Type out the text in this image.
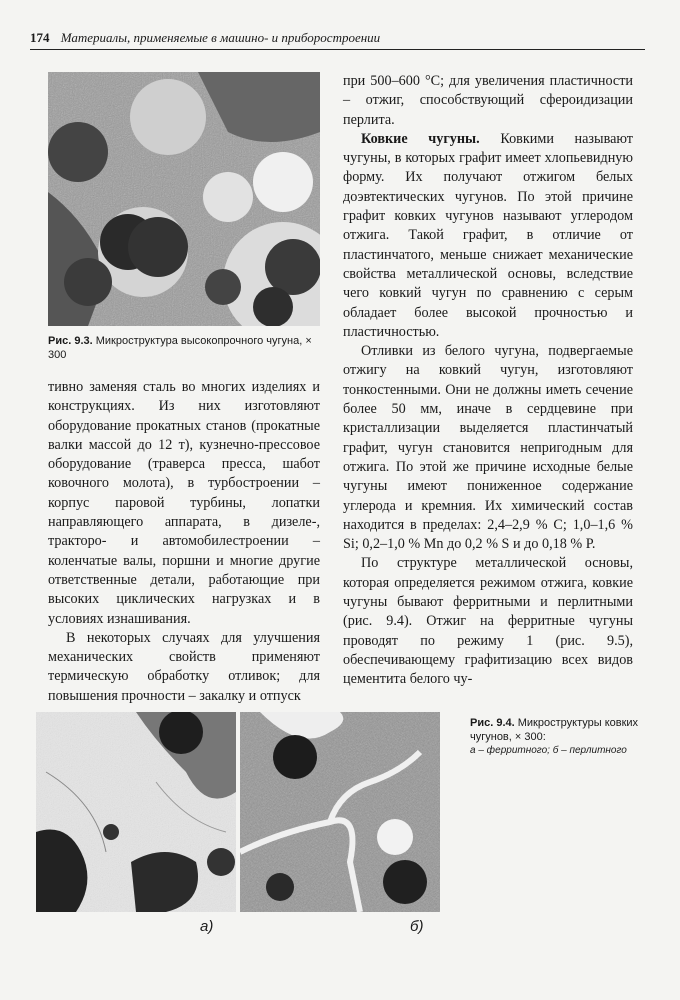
174 Материалы, применяемые в машино- и приборостроении
Рис. 9.3. Микроструктура высокопрочного чугуна, × 300

тивно заменяя сталь во многих изделиях и конструкциях. Из них изготовляют оборудование прокатных станов (прокатные валки массой до 12 т), кузнечно-прессовое оборудование (траверса пресса, шабот ковочного молота), в турбостроении – корпус паровой турбины, лопатки направляющего аппарата, в дизеле-, тракторо- и автомобилестроении – коленчатые валы, поршни и многие другие ответственные детали, работающие при высоких циклических нагрузках и в условиях изнашивания.

В некоторых случаях для улучшения механических свойств применяют термическую обработку отливок; для повышения прочности – закалку и отпуск

при 500–600 °С; для увеличения пластичности – отжиг, способствующий сфероидизации перлита.

Ковкие чугуны. Ковкими называют чугуны, в которых графит имеет хлопьевидную форму. Их получают отжигом белых доэвтектических чугунов. По этой причине графит ковких чугунов называют углеродом отжига. Такой графит, в отличие от пластинчатого, меньше снижает механические свойства металлической основы, вследствие чего ковкий чугун по сравнению с серым обладает более высокой прочностью и пластичностью.

Отливки из белого чугуна, подвергаемые отжигу на ковкий чугун, изготовляют тонкостенными. Они не должны иметь сечение более 50 мм, иначе в сердцевине при кристаллизации выделяется пластинчатый графит, чугун становится непригодным для отжига. По этой же причине исходные белые чугуны имеют пониженное содержание углерода и кремния. Их химический состав находится в пределах: 2,4–2,9 % С; 1,0–1,6 % Si; 0,2–1,0 % Mn до 0,2 % S и до 0,18 % Р.

По структуре металлической основы, которая определяется режимом отжига, ковкие чугуны бывают ферритными и перлитными (рис. 9.4). Отжиг на ферритные чугуны проводят по режиму 1 (рис. 9.5), обеспечивающему графитизацию всех видов цементита белого чу-

а)	б)
Рис. 9.4. Микроструктуры ковких чугунов, × 300:
а – ферритного; б – перлитного
